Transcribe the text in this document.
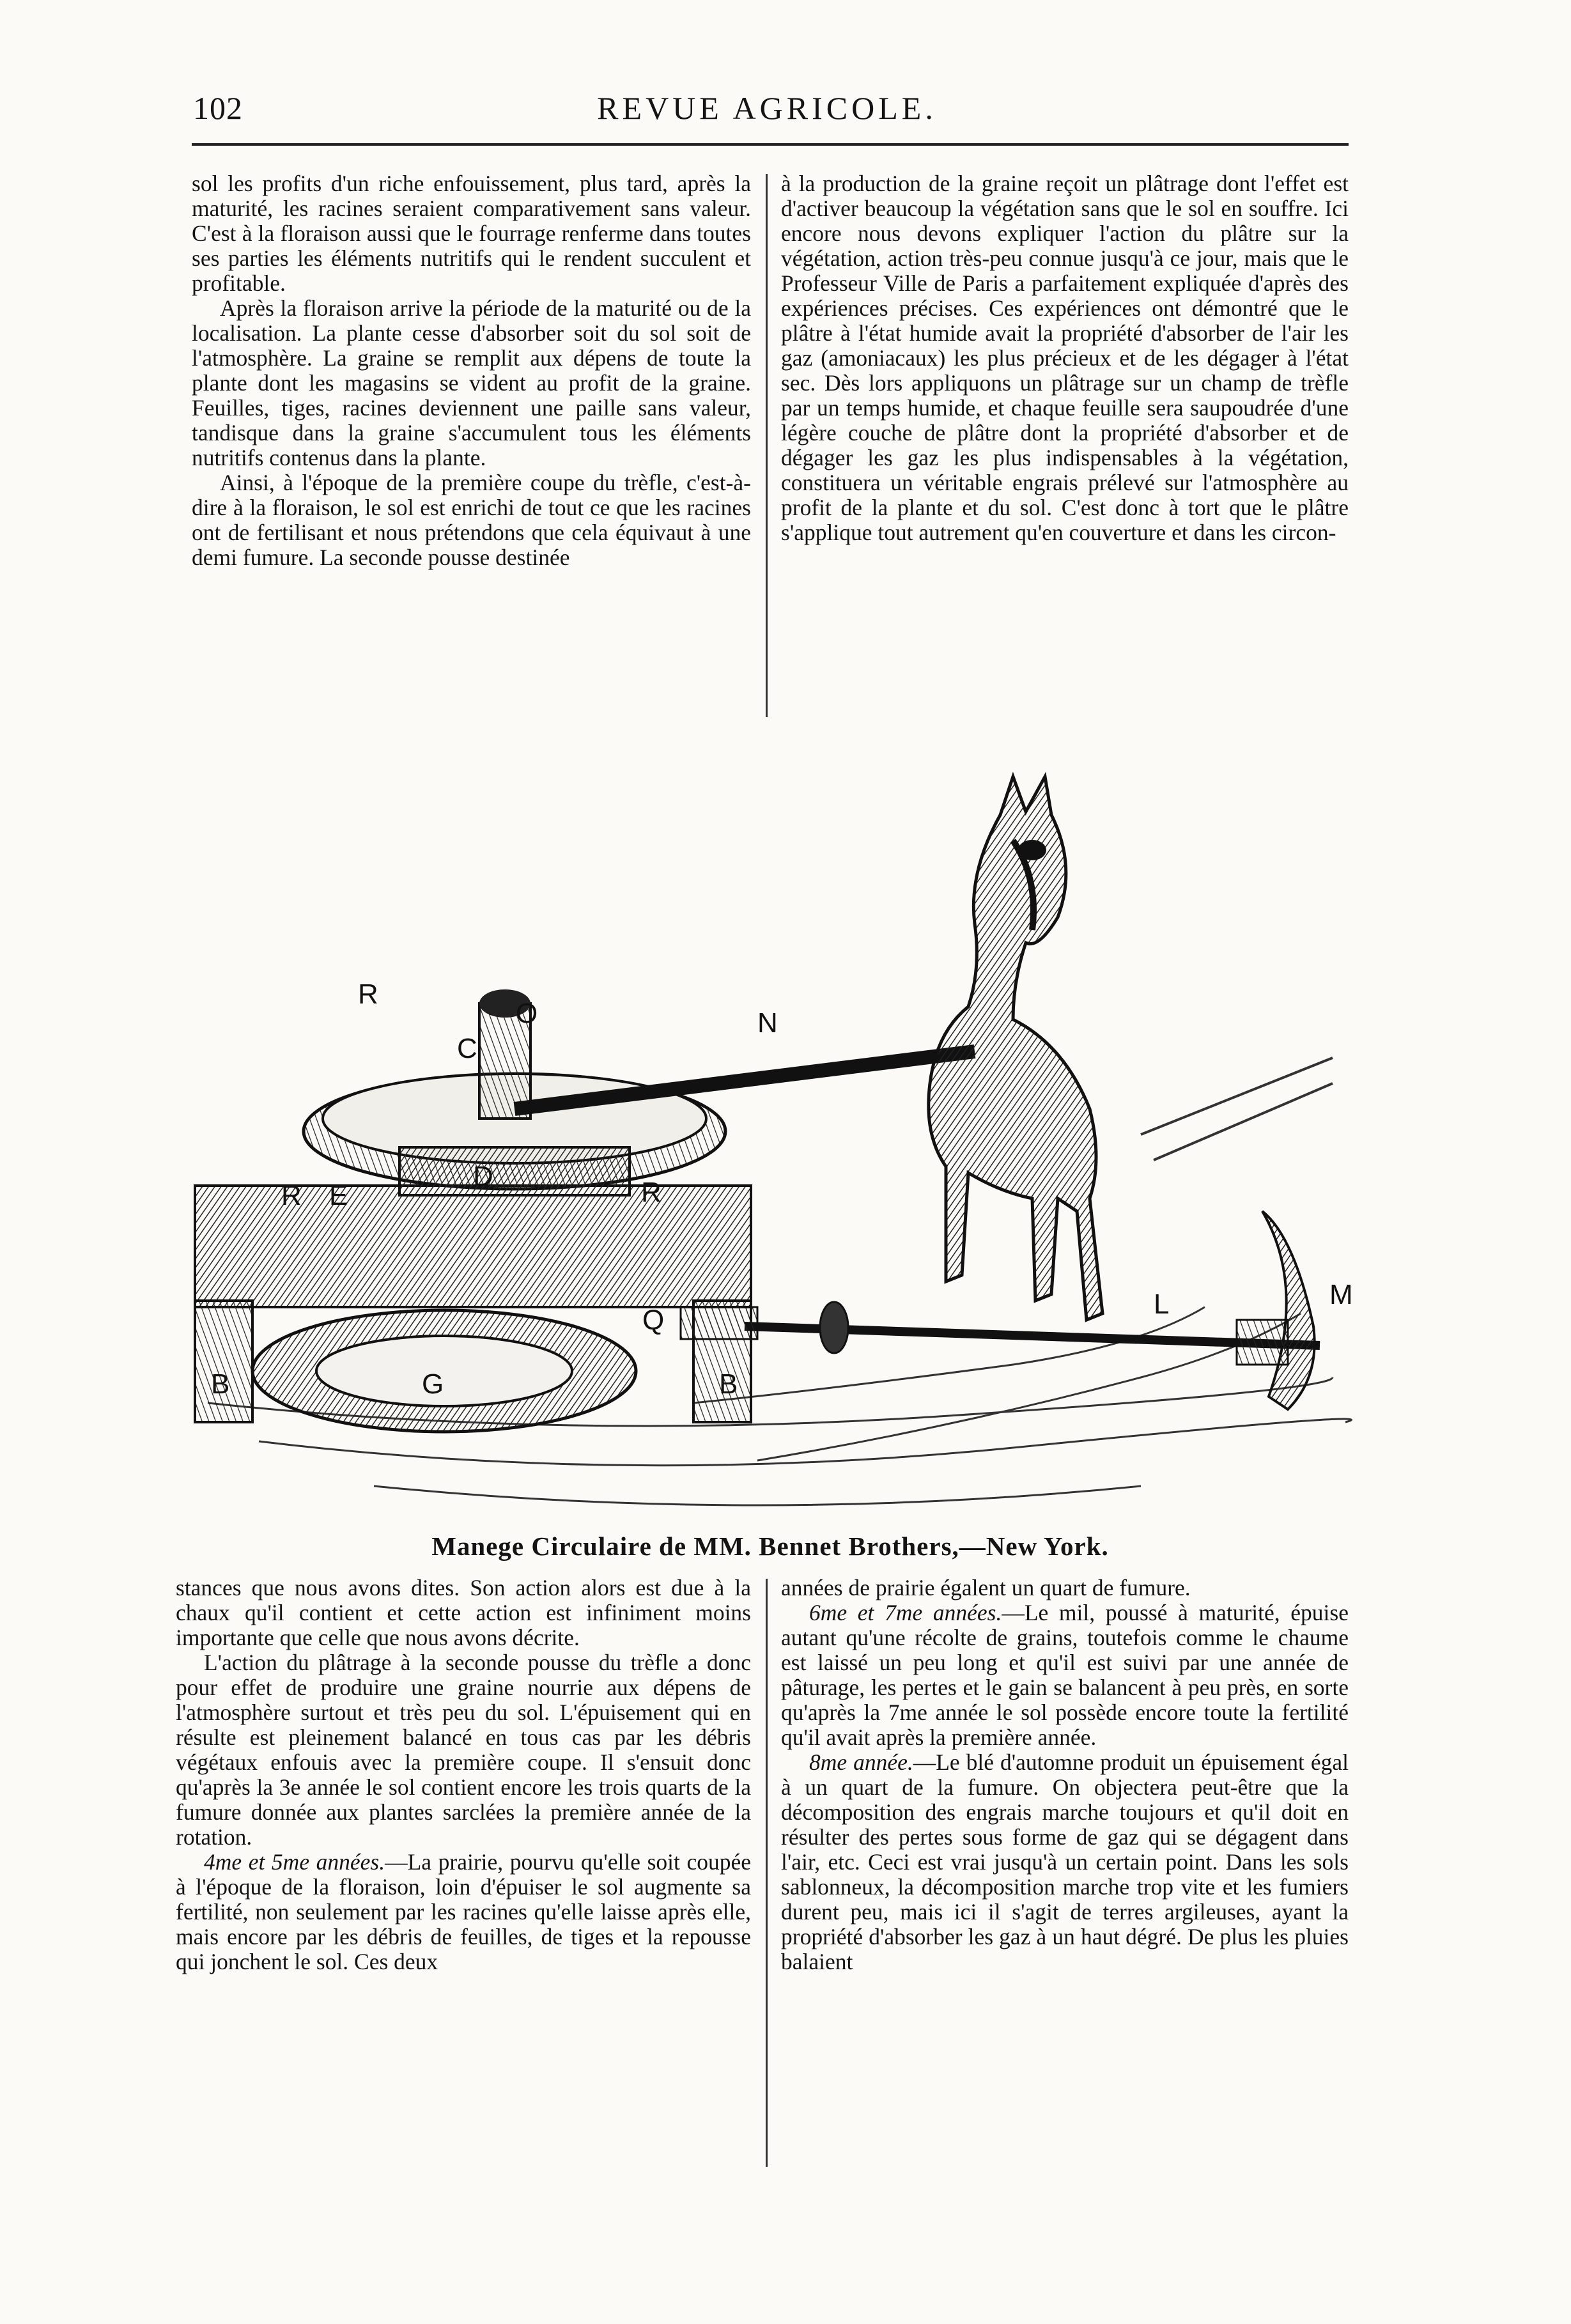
102	REVUE AGRICOLE.

sol les profits d'un riche enfouissement, plus tard, après la maturité, les racines seraient comparativement sans valeur. C'est à la floraison aussi que le fourrage renferme dans toutes ses parties les éléments nutritifs qui le rendent succulent et profitable.

Après la floraison arrive la période de la maturité ou de la localisation. La plante cesse d'absorber soit du sol soit de l'atmosphère. La graine se remplit aux dépens de toute la plante dont les magasins se vident au profit de la graine. Feuilles, tiges, racines deviennent une paille sans valeur, tandisque dans la graine s'accumulent tous les éléments nutritifs contenus dans la plante.

Ainsi, à l'époque de la première coupe du trèfle, c'est-à-dire à la floraison, le sol est enrichi de tout ce que les racines ont de fertilisant et nous prétendons que cela équivaut à une demi fumure. La seconde pousse destinée

à la production de la graine reçoit un plâtrage dont l'effet est d'activer beaucoup la végétation sans que le sol en souffre. Ici encore nous devons expliquer l'action du plâtre sur la végétation, action très-peu connue jusqu'à ce jour, mais que le Professeur Ville de Paris a parfaitement expliquée d'après des expériences précises. Ces expériences ont démontré que le plâtre à l'état humide avait la propriété d'absorber de l'air les gaz (amoniacaux) les plus précieux et de les dégager à l'état sec. Dès lors appliquons un plâtrage sur un champ de trèfle par un temps humide, et chaque feuille sera saupoudrée d'une légère couche de plâtre dont la propriété d'absorber et de dégager les gaz les plus indispensables à la végétation, constituera un véritable engrais prélevé sur l'atmosphère au profit de la plante et du sol. C'est donc à tort que le plâtre s'applique tout autrement qu'en couverture et dans les circon-

R
C
O	N
R E
D
R
Q
L	M
G
B	B
Manege Circulaire de MM. Bennet Brothers,—New York.

stances que nous avons dites. Son action alors est due à la chaux qu'il contient et cette action est infiniment moins importante que celle que nous avons décrite.

L'action du plâtrage à la seconde pousse du trèfle a donc pour effet de produire une graine nourrie aux dépens de l'atmosphère surtout et très peu du sol. L'épuisement qui en résulte est pleinement balancé en tous cas par les débris végétaux enfouis avec la première coupe. Il s'ensuit donc qu'après la 3e année le sol contient encore les trois quarts de la fumure donnée aux plantes sarclées la première année de la rotation.

4me et 5me années.—La prairie, pourvu qu'elle soit coupée à l'époque de la floraison, loin d'épuiser le sol augmente sa fertilité, non seulement par les racines qu'elle laisse après elle, mais encore par les débris de feuilles, de tiges et la repousse qui jonchent le sol. Ces deux

années de prairie égalent un quart de fumure.

6me et 7me années.—Le mil, poussé à maturité, épuise autant qu'une récolte de grains, toutefois comme le chaume est laissé un peu long et qu'il est suivi par une année de pâturage, les pertes et le gain se balancent à peu près, en sorte qu'après la 7me année le sol possède encore toute la fertilité qu'il avait après la première année.

8me année.—Le blé d'automne produit un épuisement égal à un quart de la fumure. On objectera peut-être que la décomposition des engrais marche toujours et qu'il doit en résulter des pertes sous forme de gaz qui se dégagent dans l'air, etc. Ceci est vrai jusqu'à un certain point. Dans les sols sablonneux, la décomposition marche trop vite et les fumiers durent peu, mais ici il s'agit de terres argileuses, ayant la propriété d'absorber les gaz à un haut dégré. De plus les pluies balaient
